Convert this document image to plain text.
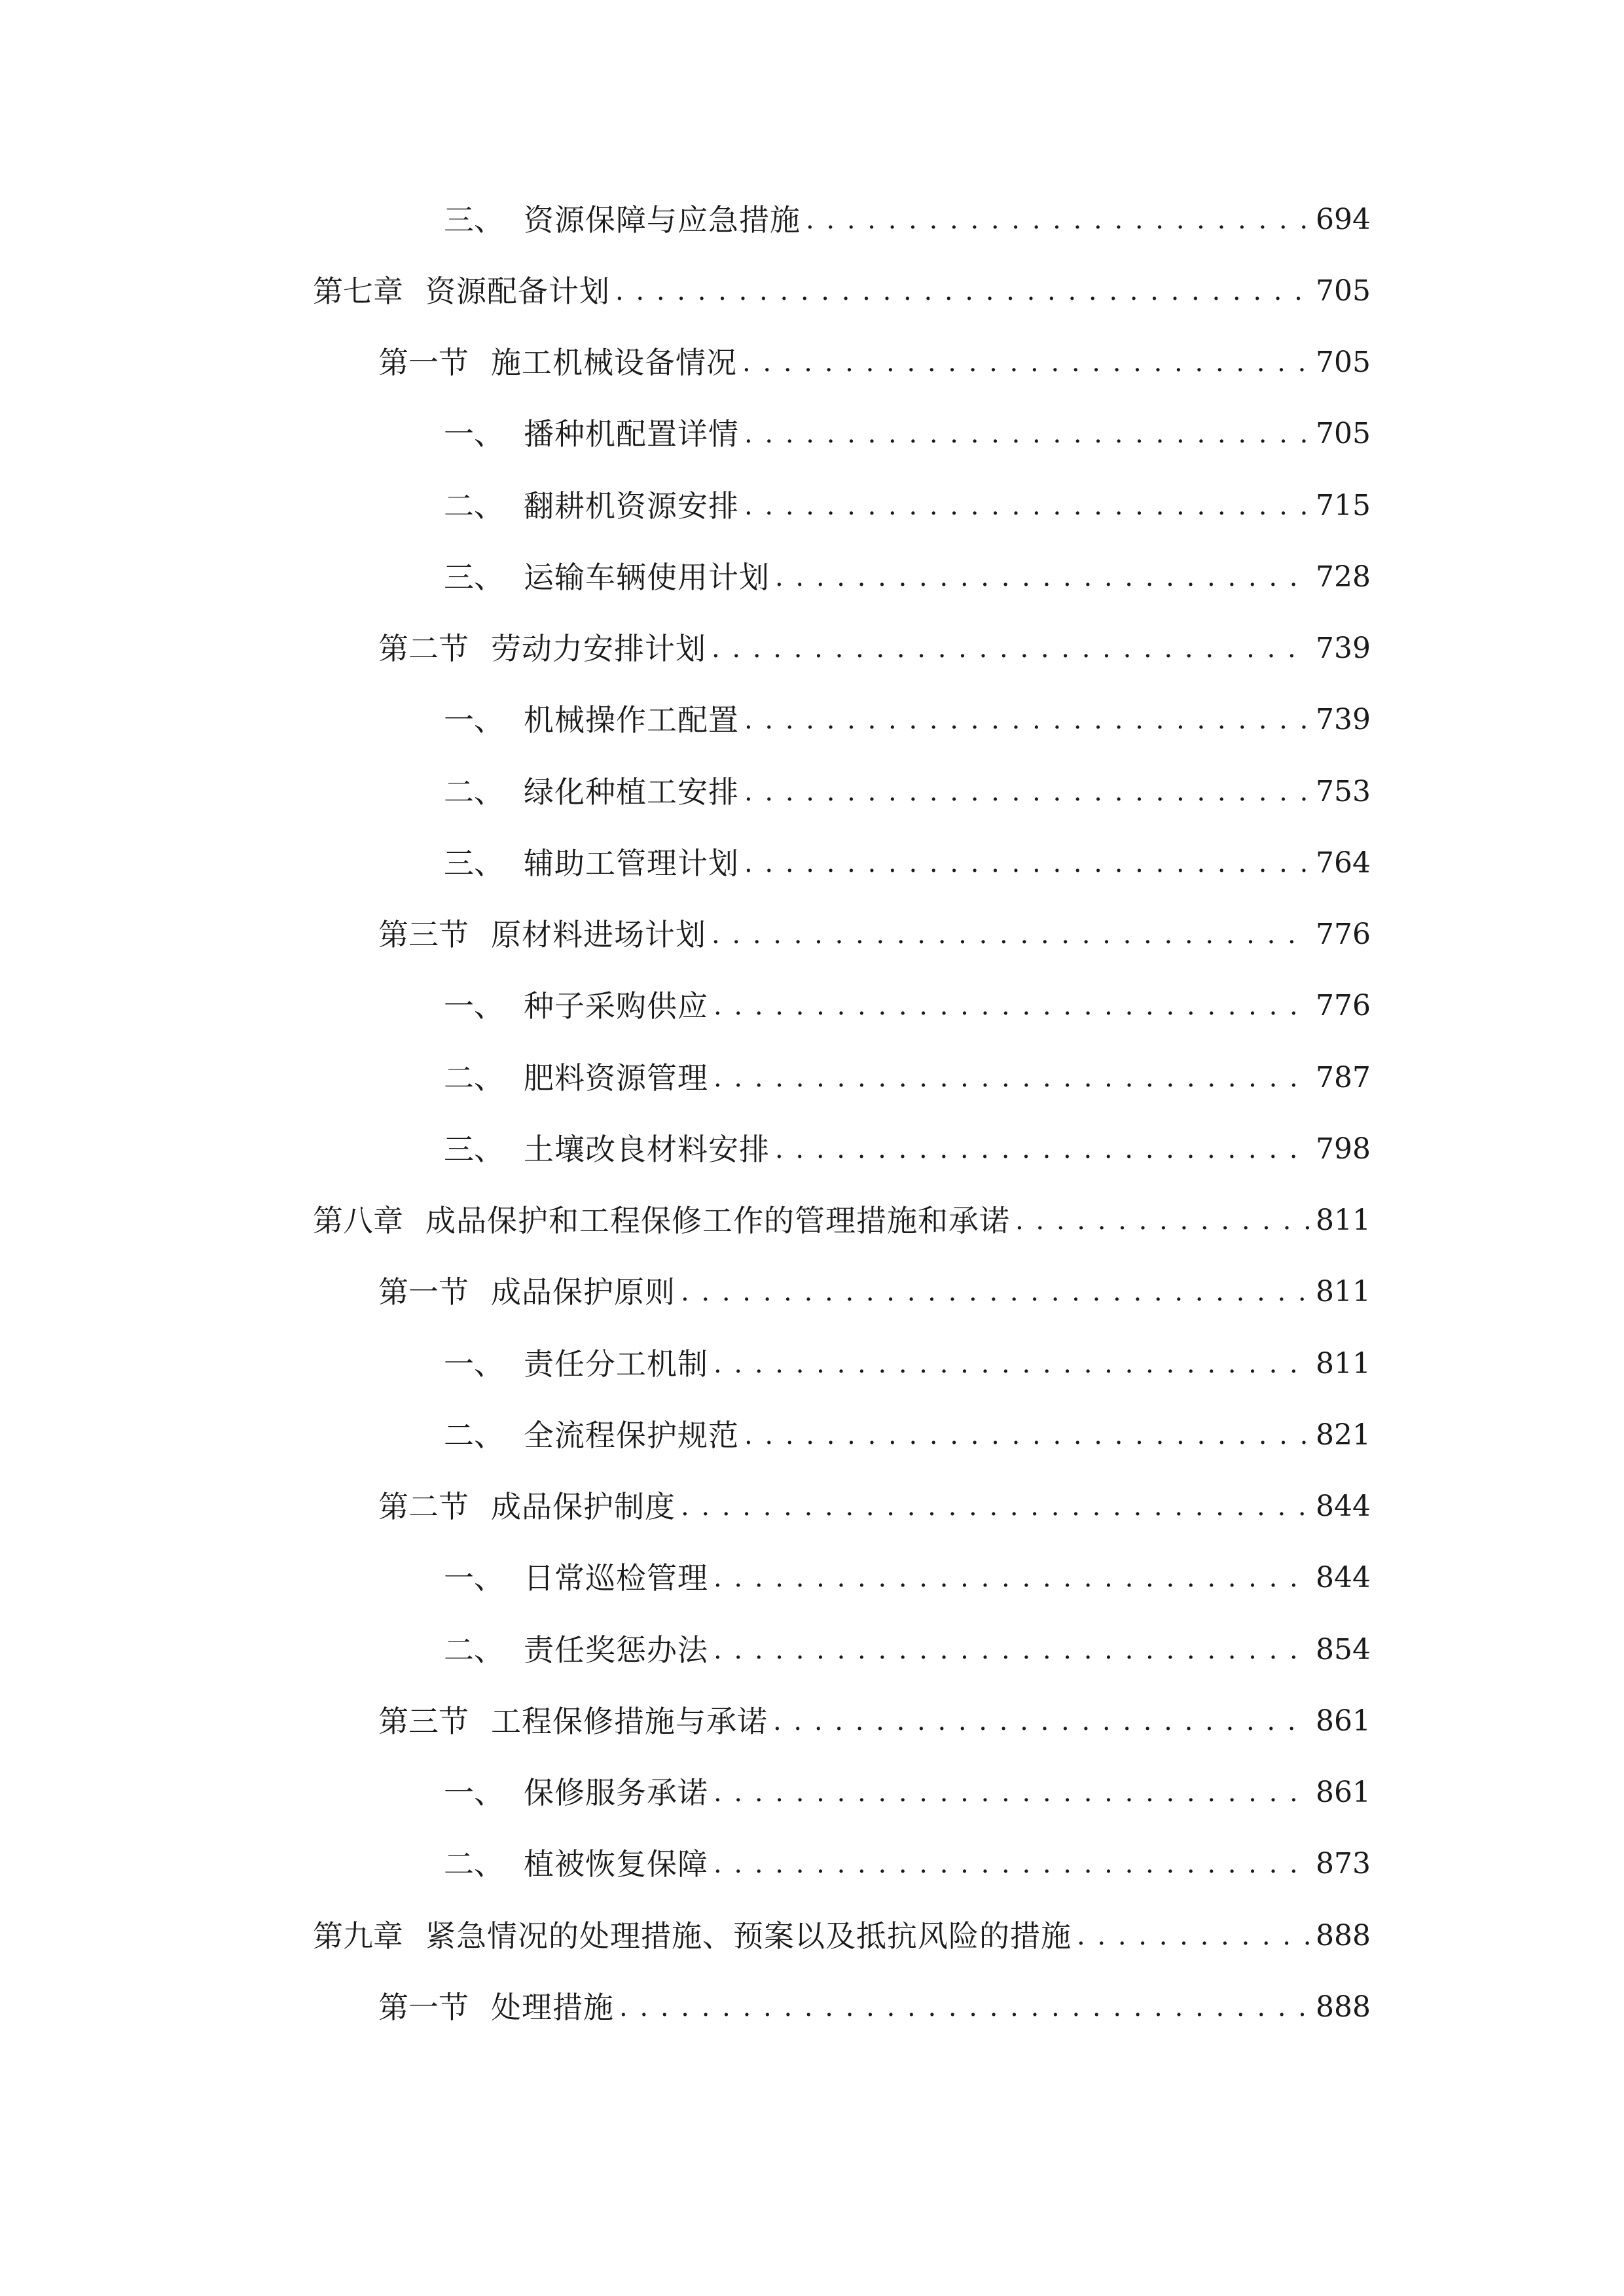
三、 资源保障与应急措施 . . .	694
第七章 资源配备计划 . . .	705
第一节 施工机械设备情况 . . .	705
一、 播种机配置详情 . . .	705
二、 翻耕机资源安排 . . .	715
三、 运输车辆使用计划 . . .	728
第二节 劳动力安排计划 . . .	739
一、 机械操作工配置 . . .	739
二、 绿化种植工安排 . . .	753
三、 辅助工管理计划 . . .	764
第三节 原材料进场计划 . . .	776
一、 种子采购供应 . . .	776
二、 肥料资源管理 . . .	787
三、 土壤改良材料安排 . . .	798
第八章 成品保护和工程保修工作的管理措施和承诺 . . .	811
第一节 成品保护原则 . . .	811
一、 责任分工机制 . . .	811
二、 全流程保护规范 . . .	821
第二节 成品保护制度 . . .	844
一、 日常巡检管理 . . .	844
二、 责任奖惩办法 . . .	854
第三节 工程保修措施与承诺 . . .	861
一、 保修服务承诺 . . .	861
二、 植被恢复保障 . . .	873
第九章 紧急情况的处理措施、预案以及抵抗风险的措施 . . .	888
第一节 处理措施 . . .	888
